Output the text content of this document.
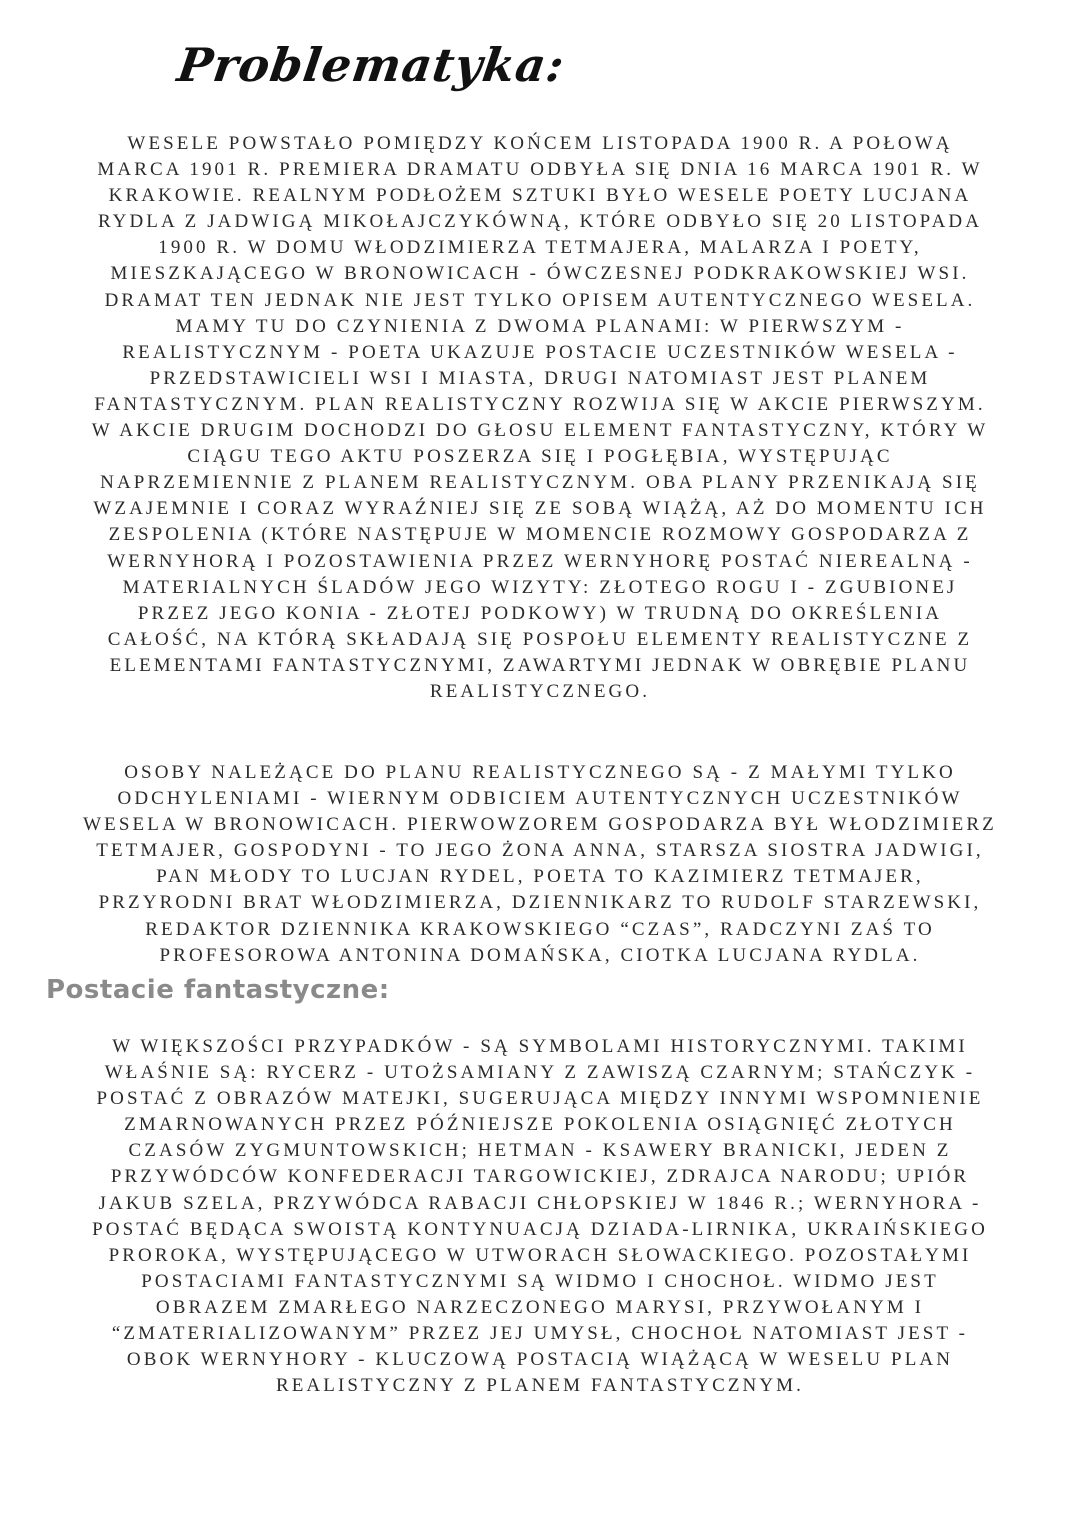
Problematyka:
WESELE POWSTAŁO POMIĘDZY KOŃCEM LISTOPADA 1900 R. A POŁOWĄ
MARCA 1901 R. PREMIERA DRAMATU ODBYŁA SIĘ DNIA 16 MARCA 1901 R. W
KRAKOWIE. REALNYM PODŁOŻEM SZTUKI BYŁO WESELE POETY LUCJANA
RYDLA Z JADWIGĄ MIKOŁAJCZYKÓWNĄ, KTÓRE ODBYŁO SIĘ 20 LISTOPADA
1900 R. W DOMU WŁODZIMIERZA TETMAJERA, MALARZA I POETY,
MIESZKAJĄCEGO W BRONOWICACH - ÓWCZESNEJ PODKRAKOWSKIEJ WSI.
DRAMAT TEN JEDNAK NIE JEST TYLKO OPISEM AUTENTYCZNEGO WESELA.
MAMY TU DO CZYNIENIA Z DWOMA PLANAMI: W PIERWSZYM -
REALISTYCZNYM - POETA UKAZUJE POSTACIE UCZESTNIKÓW WESELA -
PRZEDSTAWICIELI WSI I MIASTA, DRUGI NATOMIAST JEST PLANEM
FANTASTYCZNYM. PLAN REALISTYCZNY ROZWIJA SIĘ W AKCIE PIERWSZYM.
W AKCIE DRUGIM DOCHODZI DO GŁOSU ELEMENT FANTASTYCZNY, KTÓRY W
CIĄGU TEGO AKTU POSZERZA SIĘ I POGŁĘBIA, WYSTĘPUJĄC
NAPRZEMIENNIE Z PLANEM REALISTYCZNYM. OBA PLANY PRZENIKAJĄ SIĘ
WZAJEMNIE I CORAZ WYRAŹNIEJ SIĘ ZE SOBĄ WIĄŻĄ, AŻ DO MOMENTU ICH
ZESPOLENIA (KTÓRE NASTĘPUJE W MOMENCIE ROZMOWY GOSPODARZA Z
WERNYHORĄ I POZOSTAWIENIA PRZEZ WERNYHORĘ POSTAĆ NIEREALNĄ -
MATERIALNYCH ŚLADÓW JEGO WIZYTY: ZŁOTEGO ROGU I - ZGUBIONEJ
PRZEZ JEGO KONIA - ZŁOTEJ PODKOWY) W TRUDNĄ DO OKREŚLENIA
CAŁOŚĆ, NA KTÓRĄ SKŁADAJĄ SIĘ POSPOŁU ELEMENTY REALISTYCZNE Z
ELEMENTAMI FANTASTYCZNYMI, ZAWARTYMI JEDNAK W OBRĘBIE PLANU
REALISTYCZNEGO.
OSOBY NALEŻĄCE DO PLANU REALISTYCZNEGO SĄ - Z MAŁYMI TYLKO
ODCHYLENIAMI - WIERNYM ODBICIEM AUTENTYCZNYCH UCZESTNIKÓW
WESELA W BRONOWICACH. PIERWOWZOREM GOSPODARZA BYŁ WŁODZIMIERZ
TETMAJER, GOSPODYNI - TO JEGO ŻONA ANNA, STARSZA SIOSTRA JADWIGI,
PAN MŁODY TO LUCJAN RYDEL, POETA TO KAZIMIERZ TETMAJER,
PRZYRODNI BRAT WŁODZIMIERZA, DZIENNIKARZ TO RUDOLF STARZEWSKI,
REDAKTOR DZIENNIKA KRAKOWSKIEGO “CZAS”, RADCZYNI ZAŚ TO
PROFESOROWA ANTONINA DOMAŃSKA, CIOTKA LUCJANA RYDLA.
Postacie fantastyczne:
W WIĘKSZOŚCI PRZYPADKÓW - SĄ SYMBOLAMI HISTORYCZNYMI. TAKIMI
WŁAŚNIE SĄ: RYCERZ - UTOŻSAMIANY Z ZAWISZĄ CZARNYM; STAŃCZYK -
POSTAĆ Z OBRAZÓW MATEJKI, SUGERUJĄCA MIĘDZY INNYMI WSPOMNIENIE
ZMARNOWANYCH PRZEZ PÓŹNIEJSZE POKOLENIA OSIĄGNIĘĆ ZŁOTYCH
CZASÓW ZYGMUNTOWSKICH; HETMAN - KSAWERY BRANICKI, JEDEN Z
PRZYWÓDCÓW KONFEDERACJI TARGOWICKIEJ, ZDRAJCA NARODU; UPIÓR
JAKUB SZELA, PRZYWÓDCA RABACJI CHŁOPSKIEJ W 1846 R.; WERNYHORA -
POSTAĆ BĘDĄCA SWOISTĄ KONTYNUACJĄ DZIADA-LIRNIKA, UKRAIŃSKIEGO
PROROKA, WYSTĘPUJĄCEGO W UTWORACH SŁOWACKIEGO. POZOSTAŁYMI
POSTACIAMI FANTASTYCZNYMI SĄ WIDMO I CHOCHOŁ. WIDMO JEST
OBRAZEM ZMARŁEGO NARZECZONEGO MARYSI, PRZYWOŁANYM I
“ZMATERIALIZOWANYM” PRZEZ JEJ UMYSŁ, CHOCHOŁ NATOMIAST JEST -
OBOK WERNYHORY - KLUCZOWĄ POSTACIĄ WIĄŻĄCĄ W WESELU PLAN
REALISTYCZNY Z PLANEM FANTASTYCZNYM.
